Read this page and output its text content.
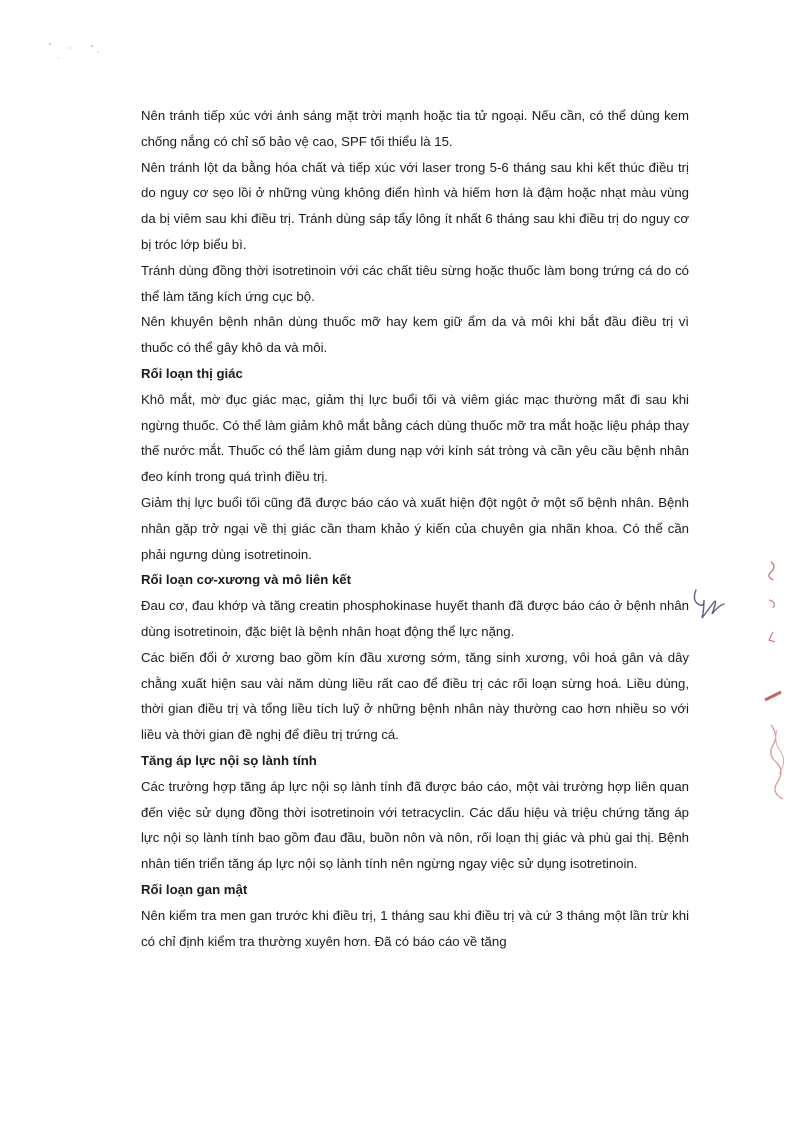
Nên tránh tiếp xúc với ánh sáng mặt trời mạnh hoặc tia tử ngoại. Nếu cần, có thể dùng kem chống nắng có chỉ số bảo vệ cao, SPF tối thiểu là 15.

Nên tránh lột da bằng hóa chất và tiếp xúc với laser trong 5-6 tháng sau khi kết thúc điều trị do nguy cơ sẹo lồi ở những vùng không điển hình và hiếm hơn là đậm hoặc nhạt màu vùng da bị viêm sau khi điều trị. Tránh dùng sáp tẩy lông ít nhất 6 tháng sau khi điều trị do nguy cơ bị tróc lớp biểu bì.

Tránh dùng đồng thời isotretinoin với các chất tiêu sừng hoặc thuốc làm bong trứng cá do có thể làm tăng kích ứng cục bộ.

Nên khuyên bệnh nhân dùng thuốc mỡ hay kem giữ ẩm da và môi khi bắt đầu điều trị vì thuốc có thể gây khô da và môi.

Rối loạn thị giác

Khô mắt, mờ đục giác mạc, giảm thị lực buổi tối và viêm giác mạc thường mất đi sau khi ngừng thuốc. Có thể làm giảm khô mắt bằng cách dùng thuốc mỡ tra mắt hoặc liệu pháp thay thế nước mắt. Thuốc có thể làm giảm dung nạp với kính sát tròng và cần yêu cầu bệnh nhân đeo kính trong quá trình điều trị.

Giảm thị lực buổi tối cũng đã được báo cáo và xuất hiện đột ngột ở một số bệnh nhân. Bệnh nhân gặp trở ngại về thị giác cần tham khảo ý kiến của chuyên gia nhãn khoa. Có thể cần phải ngưng dùng isotretinoin.

Rối loạn cơ-xương và mô liên kết

Đau cơ, đau khớp và tăng creatin phosphokinase huyết thanh đã được báo cáo ở bệnh nhân dùng isotretinoin, đặc biệt là bệnh nhân hoạt động thể lực nặng.

Các biến đổi ở xương bao gồm kín đầu xương sớm, tăng sinh xương, vôi hoá gân và dây chằng xuất hiện sau vài năm dùng liều rất cao để điều trị các rối loạn sừng hoá. Liều dùng, thời gian điều trị và tổng liều tích luỹ ở những bệnh nhân này thường cao hơn nhiều so với liều và thời gian đề nghị để điều trị trứng cá.

Tăng áp lực nội sọ lành tính

Các trường hợp tăng áp lực nội sọ lành tính đã được báo cáo, một vài trường hợp liên quan đến việc sử dụng đồng thời isotretinoin với tetracyclin. Các dấu hiệu và triệu chứng tăng áp lực nội sọ lành tính bao gồm đau đầu, buồn nôn và nôn, rối loạn thị giác và phù gai thị. Bệnh nhân tiến triển tăng áp lực nội sọ lành tính nên ngừng ngay việc sử dụng isotretinoin.

Rối loạn gan mật

Nên kiểm tra men gan trước khi điều trị, 1 tháng sau khi điều trị và cứ 3 tháng một lần trừ khi có chỉ định kiểm tra thường xuyên hơn. Đã có báo cáo về tăng
